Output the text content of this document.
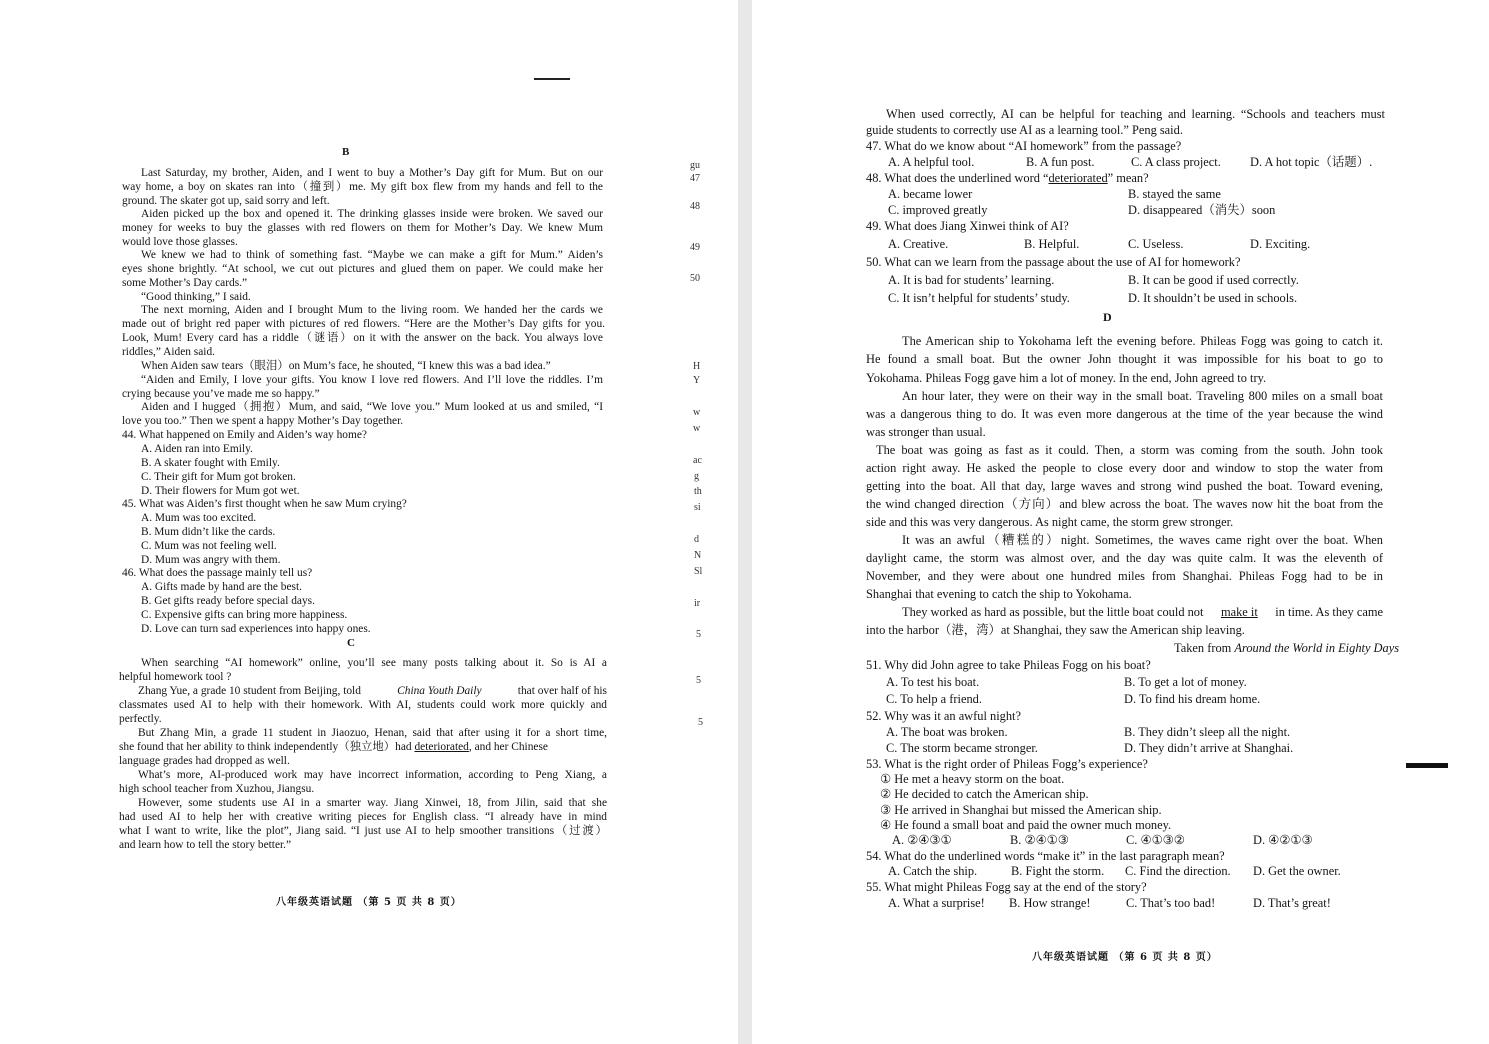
B
Last Saturday, my brother, Aiden, and I went to buy a Mother’s Day gift for Mum. But on our
way home, a boy on skates ran into（撞到）me. My gift box flew from my hands and fell to the
ground. The skater got up, said sorry and left.
Aiden picked up the box and opened it. The drinking glasses inside were broken. We saved our
money for weeks to buy the glasses with red flowers on them for Mother’s Day. We knew Mum
would love those glasses.
We knew we had to think of something fast. “Maybe we can make a gift for Mum.” Aiden’s
eyes shone brightly. “At school, we cut out pictures and glued them on paper. We could make her
some Mother’s Day cards.”
“Good thinking,” I said.
The next morning, Aiden and I brought Mum to the living room. We handed her the cards we
made out of bright red paper with pictures of red flowers. “Here are the Mother’s Day gifts for you.
Look, Mum! Every card has a riddle（谜语）on it with the answer on the back. You always love
riddles,” Aiden said.
When Aiden saw tears（眼泪）on Mum’s face, he shouted, “I knew this was a bad idea.”
“Aiden and Emily, I love your gifts. You know I love red flowers. And I’ll love the riddles. I’m
crying because you’ve made me so happy.”
Aiden and I hugged（拥抱）Mum, and said, “We love you.” Mum looked at us and smiled, “I
love you too.” Then we spent a happy Mother’s Day together.
44. What happened on Emily and Aiden’s way home?
A. Aiden ran into Emily.
B. A skater fought with Emily.
C. Their gift for Mum got broken.
D. Their flowers for Mum got wet.
45. What was Aiden’s first thought when he saw Mum crying?
A. Mum was too excited.
B. Mum didn’t like the cards.
C. Mum was not feeling well.
D. Mum was angry with them.
46. What does the passage mainly tell us?
A. Gifts made by hand are the best.
B. Get gifts ready before special days.
C. Expensive gifts can bring more happiness.
D. Love can turn sad experiences into happy ones.
C
When searching “AI homework” online, you’ll see many posts talking about it. So is AI a
helpful homework tool ?
Zhang Yue, a grade 10 student from Beijing, told	China Youth Daily	that over half of his
classmates used AI to help with their homework. With AI, students could work more quickly and
perfectly.
But Zhang Min, a grade 11 student in Jiaozuo, Henan, said that after using it for a short time,
she found that her ability to think independently（独立地）had deteriorated, and her Chinese
language grades had dropped as well.
What’s more, AI-produced work may have incorrect information, according to Peng Xiang, a
high school teacher from Xuzhou, Jiangsu.
However, some students use AI in a smarter way. Jiang Xinwei, 18, from Jilin, said that she
had used AI to help her with creative writing pieces for English class. “I already have in mind
what I want to write, like the plot”, Jiang said. “I just use AI to help smoother transitions（过渡）
and learn how to tell the story better.”
八年级英语试题 （第 5 页 共 8 页）
gu
47
48
49
50
H
Y
w
w
ac
g
th
si
d
N
Sl
ir
5
5
5
When used correctly, AI can be helpful for teaching and learning. “Schools and teachers must
guide students to correctly use AI as a learning tool.” Peng said.
47. What do we know about “AI homework” from the passage?
A. A helpful tool.	B. A fun post.	C. A class project.	D. A hot topic（话题）.
48. What does the underlined word “deteriorated” mean?
A. became lower	B. stayed the same
C. improved greatly	D. disappeared（消失）soon
49. What does Jiang Xinwei think of AI?
A. Creative.	B. Helpful.	C. Useless.	D. Exciting.
50. What can we learn from the passage about the use of AI for homework?
A. It is bad for students’ learning.	B. It can be good if used correctly.
C. It isn’t helpful for students’ study.	D. It shouldn’t be used in schools.
D
The American ship to Yokohama left the evening before. Phileas Fogg was going to catch it.
He found a small boat. But the owner John thought it was impossible for his boat to go to
Yokohama. Phileas Fogg gave him a lot of money. In the end, John agreed to try.
An hour later, they were on their way in the small boat. Traveling 800 miles on a small boat
was a dangerous thing to do. It was even more dangerous at the time of the year because the wind
was stronger than usual.
The boat was going as fast as it could. Then, a storm was coming from the south. John took
action right away. He asked the people to close every door and window to stop the water from
getting into the boat. All that day, large waves and strong wind pushed the boat. Toward evening,
the wind changed direction（方向）and blew across the boat. The waves now hit the boat from the
side and this was very dangerous. As night came, the storm grew stronger.
It was an awful（糟糕的）night. Sometimes, the waves came right over the boat. When
daylight came, the storm was almost over, and the day was quite calm. It was the eleventh of
November, and they were about one hundred miles from Shanghai. Phileas Fogg had to be in
Shanghai that evening to catch the ship to Yokohama.
They worked as hard as possible, but the little boat could not make it in time. As they came
into the harbor（港，湾）at Shanghai, they saw the American ship leaving.
Taken from Around the World in Eighty Days
51. Why did John agree to take Phileas Fogg on his boat?
A. To test his boat.	B. To get a lot of money.
C. To help a friend.	D. To find his dream home.
52. Why was it an awful night?
A. The boat was broken.	B. They didn’t sleep all the night.
C. The storm became stronger.	D. They didn’t arrive at Shanghai.
53. What is the right order of Phileas Fogg’s experience?
① He met a heavy storm on the boat.
② He decided to catch the American ship.
③ He arrived in Shanghai but missed the American ship.
④ He found a small boat and paid the owner much money.
A. ②④③①	B. ②④①③	C. ④①③②	D. ④②①③
54. What do the underlined words “make it” in the last paragraph mean?
A. Catch the ship.	B. Fight the storm.	C. Find the direction.	D. Get the owner.
55. What might Phileas Fogg say at the end of the story?
A. What a surprise!	B. How strange!	C. That’s too bad!	D. That’s great!
八年级英语试题 （第 6 页 共 8 页）
